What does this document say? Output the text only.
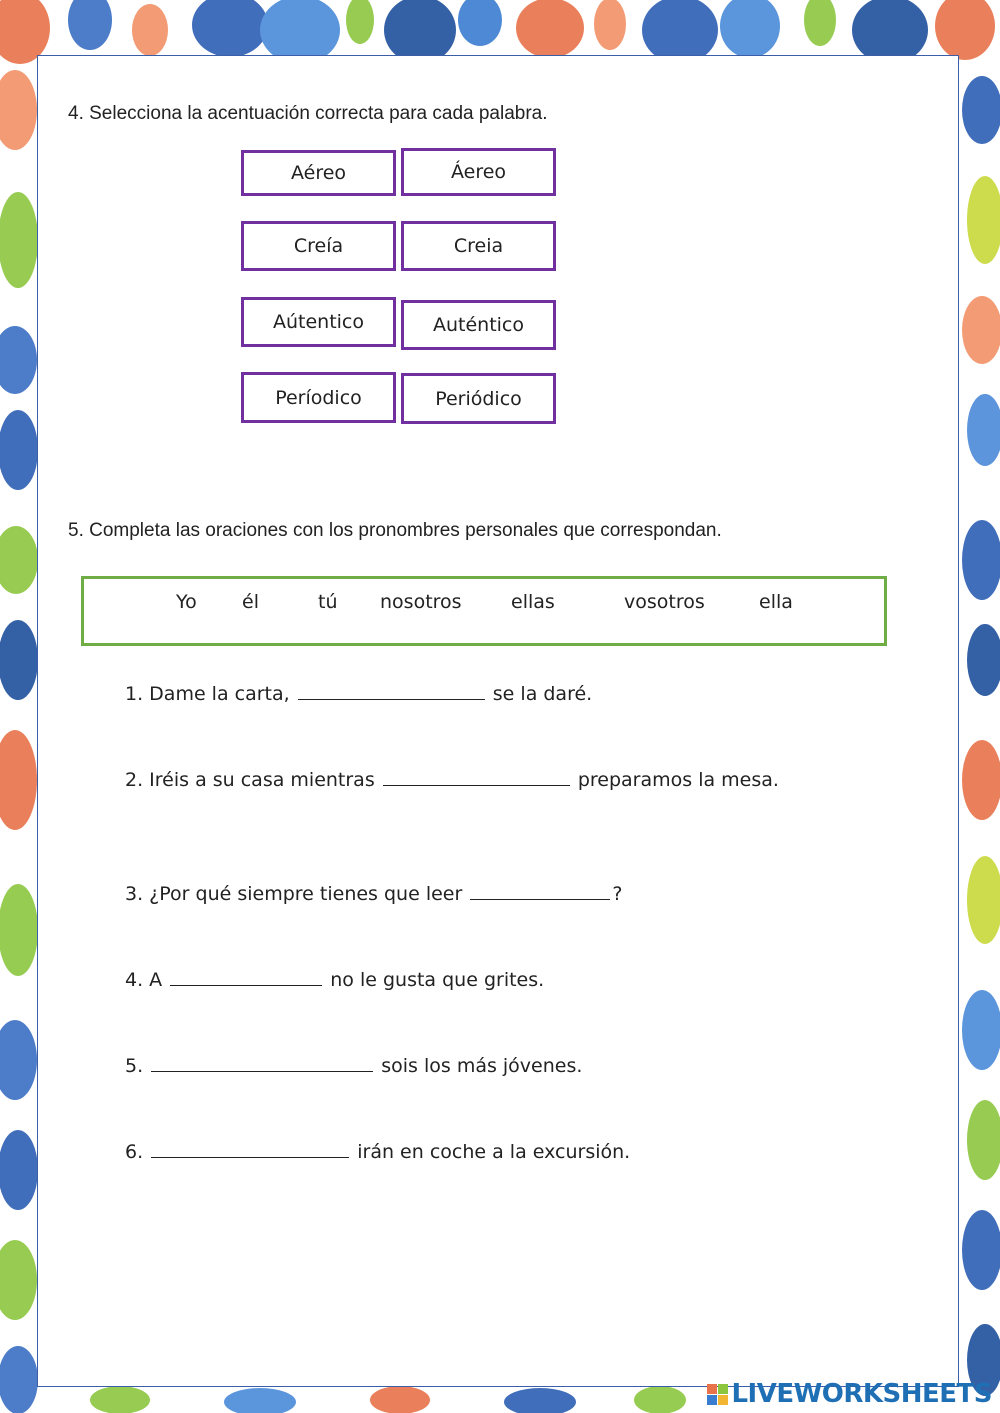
4. Selecciona la acentuación correcta para cada palabra.
Aéreo	Áereo
Creía	Creia
Aútentico	Auténtico
Períodico	Periódico
5. Completa las oraciones con los pronombres personales que correspondan.
Yo él	tú nosotros	ellas	vosotros	ella
1. Dame la carta,	se la daré.
2. Iréis a su casa mientras	preparamos la mesa.
3. ¿Por qué siempre tienes que leer	?
4. A	no le gusta que grites.
5.	sois los más jóvenes.
6.	irán en coche a la excursión.
LIVEWORKSHEETS
